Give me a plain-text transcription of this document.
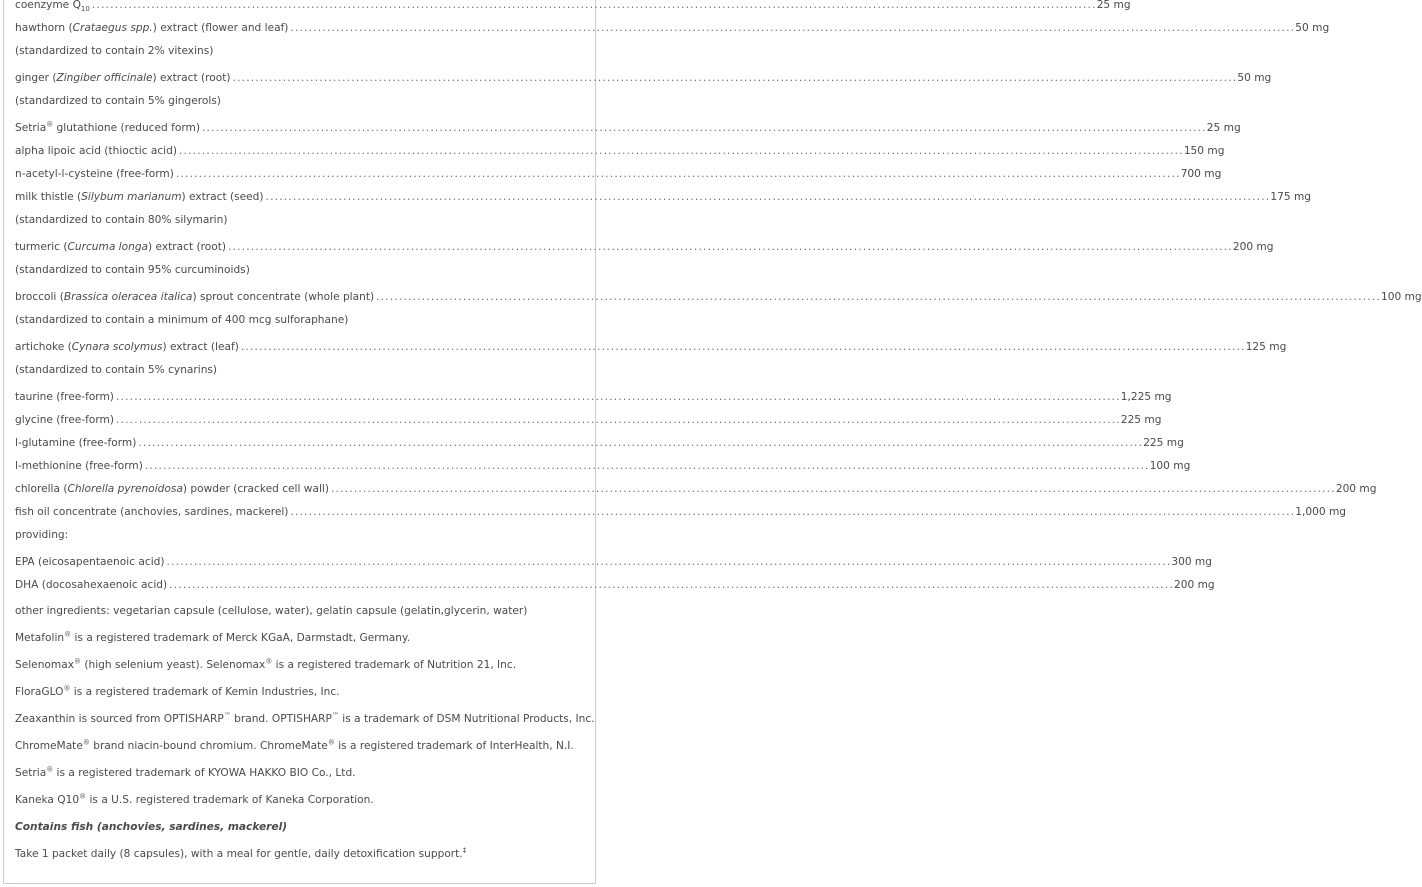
coenzyme $Q_{10}$ ............................................................................................................................................................................................................................ 25 mg
hawthorn (Crataegus spp.) extract (flower and leaf) ............................................................................................................................................................................................................................ 50 mg
(standardized to contain 2% vitexins)
ginger (Zingiber officinale) extract (root) ............................................................................................................................................................................................................................ 50 mg
(standardized to contain 5% gingerols)
Setria® glutathione (reduced form) ............................................................................................................................................................................................................................ 25 mg
alpha lipoic acid (thioctic acid) ............................................................................................................................................................................................................................ 150 mg
n-acetyl-l-cysteine (free-form) ............................................................................................................................................................................................................................ 700 mg
milk thistle (Silybum marianum) extract (seed) ............................................................................................................................................................................................................................ 175 mg
(standardized to contain 80% silymarin)
turmeric (Curcuma longa) extract (root) ............................................................................................................................................................................................................................ 200 mg
(standardized to contain 95% curcuminoids)
broccoli (Brassica oleracea italica) sprout concentrate (whole plant) ............................................................................................................................................................................................................................ 100 mg
(standardized to contain a minimum of 400 mcg sulforaphane)
artichoke (Cynara scolymus) extract (leaf) ............................................................................................................................................................................................................................ 125 mg
(standardized to contain 5% cynarins)
taurine (free-form) ............................................................................................................................................................................................................................ 1,225 mg
glycine (free-form) ............................................................................................................................................................................................................................ 225 mg
l-glutamine (free-form) ............................................................................................................................................................................................................................ 225 mg
l-methionine (free-form) ............................................................................................................................................................................................................................ 100 mg
chlorella (Chlorella pyrenoidosa) powder (cracked cell wall) ............................................................................................................................................................................................................................ 200 mg
fish oil concentrate (anchovies, sardines, mackerel) ............................................................................................................................................................................................................................ 1,000 mg
providing:
EPA (eicosapentaenoic acid) ............................................................................................................................................................................................................................ 300 mg
DHA (docosahexaenoic acid) ............................................................................................................................................................................................................................ 200 mg
other ingredients: vegetarian capsule (cellulose, water), gelatin capsule (gelatin,glycerin, water)
Metafolin® is a registered trademark of Merck KGaA, Darmstadt, Germany.
Selenomax® (high selenium yeast). Selenomax® is a registered trademark of Nutrition 21, Inc.
FloraGLO® is a registered trademark of Kemin Industries, Inc.
Zeaxanthin is sourced from OPTISHARP™ brand. OPTISHARP™ is a trademark of DSM Nutritional Products, Inc.
ChromeMate® brand niacin-bound chromium. ChromeMate® is a registered trademark of InterHealth, N.I.
Setria® is a registered trademark of KYOWA HAKKO BIO Co., Ltd.
Kaneka Q10® is a U.S. registered trademark of Kaneka Corporation.
Contains fish (anchovies, sardines, mackerel)
Take 1 packet daily (8 capsules), with a meal for gentle, daily detoxification support.‡
